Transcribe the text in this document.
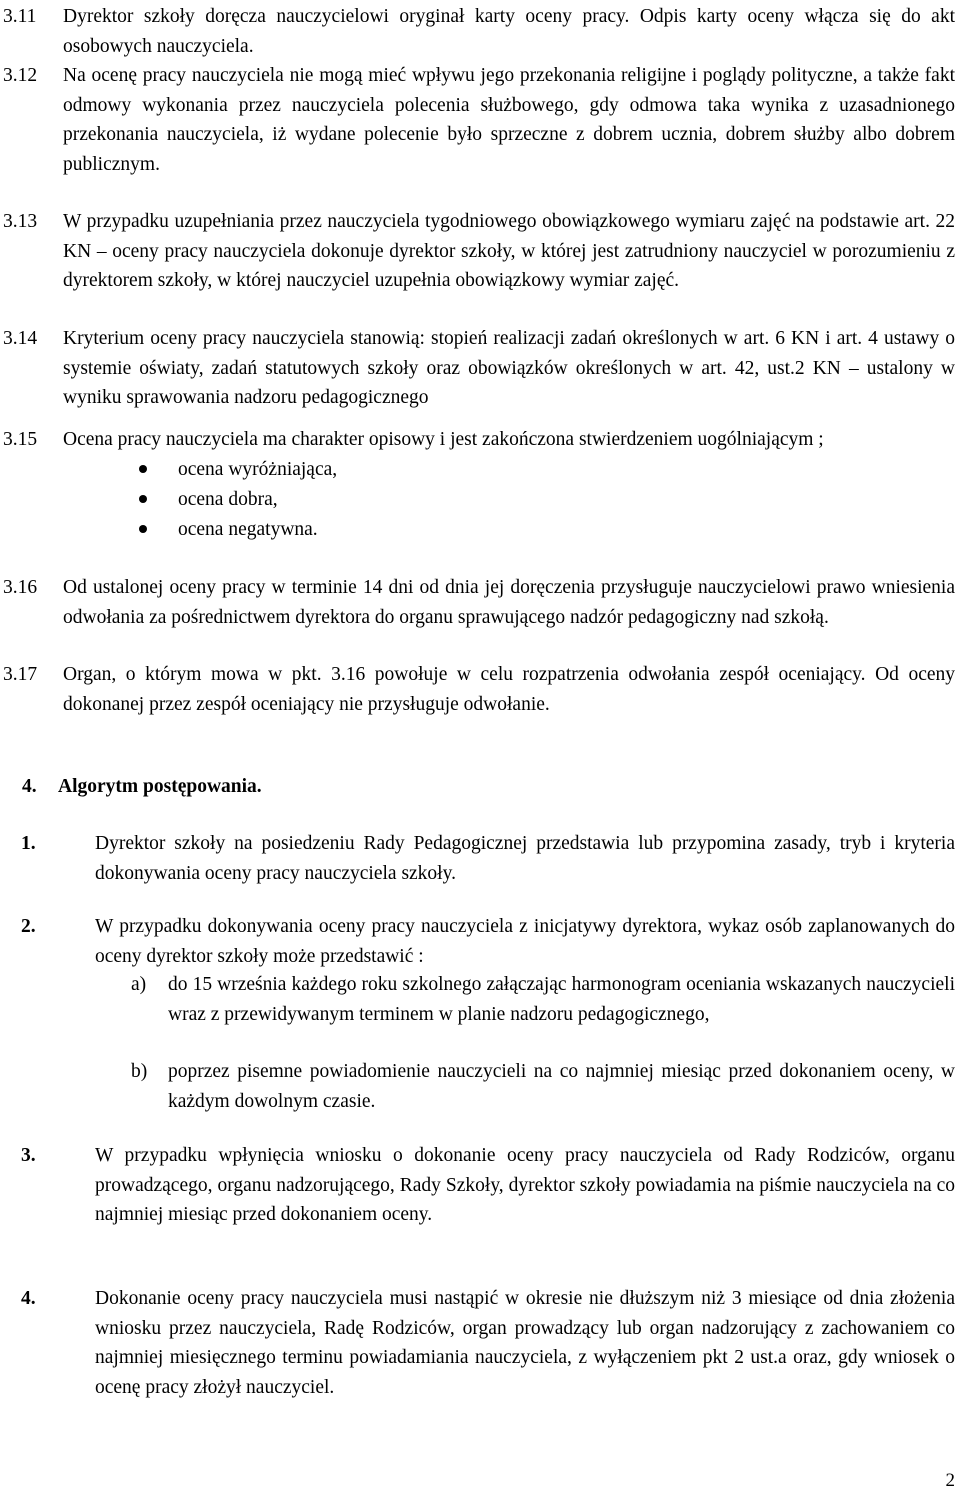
3.11	Dyrektor szkoły doręcza nauczycielowi oryginał karty oceny pracy. Odpis karty oceny włącza się do akt osobowych nauczyciela.
3.12	Na ocenę pracy nauczyciela nie mogą mieć wpływu jego przekonania religijne i poglądy polityczne, a także fakt odmowy wykonania przez nauczyciela polecenia służbowego, gdy odmowa taka wynika z uzasadnionego przekonania nauczyciela, iż wydane polecenie było sprzeczne z dobrem ucznia, dobrem służby albo dobrem publicznym.
3.13	W przypadku uzupełniania przez nauczyciela tygodniowego obowiązkowego wymiaru zajęć na podstawie art. 22 KN – oceny pracy nauczyciela dokonuje dyrektor szkoły, w której jest zatrudniony nauczyciel w porozumieniu z dyrektorem szkoły, w której nauczyciel uzupełnia obowiązkowy wymiar zajęć.
3.14	Kryterium oceny pracy nauczyciela stanowią: stopień realizacji zadań określonych w art. 6 KN i art. 4 ustawy o systemie oświaty, zadań statutowych szkoły oraz obowiązków określonych w art. 42, ust.2 KN – ustalony w wyniku sprawowania nadzoru pedagogicznego
3.15	Ocena pracy nauczyciela ma charakter opisowy i jest zakończona stwierdzeniem uogólniającym ;
ocena wyróżniająca,
ocena dobra,
ocena negatywna.
3.16	Od ustalonej oceny pracy w terminie 14 dni od dnia jej doręczenia przysługuje nauczycielowi prawo wniesienia odwołania za pośrednictwem dyrektora do organu sprawującego nadzór pedagogiczny nad szkołą.
3.17	Organ, o którym mowa w pkt. 3.16 powołuje w celu rozpatrzenia odwołania zespół oceniający. Od oceny dokonanej przez zespół oceniający nie przysługuje odwołanie.
4. Algorytm postępowania.
1.	Dyrektor szkoły na posiedzeniu Rady Pedagogicznej przedstawia lub przypomina zasady, tryb i kryteria dokonywania oceny pracy nauczyciela szkoły.
2.	W przypadku dokonywania oceny pracy nauczyciela z inicjatywy dyrektora, wykaz osób zaplanowanych do oceny dyrektor szkoły może przedstawić :
a)	do 15 września każdego roku szkolnego załączając harmonogram oceniania wskazanych nauczycieli wraz z przewidywanym terminem w planie nadzoru pedagogicznego,
b)	poprzez pisemne powiadomienie nauczycieli na co najmniej miesiąc przed dokonaniem oceny, w każdym dowolnym czasie.
3.	W przypadku wpłynięcia wniosku o dokonanie oceny pracy nauczyciela od Rady Rodziców, organu prowadzącego, organu nadzorującego, Rady Szkoły, dyrektor szkoły powiadamia na piśmie nauczyciela na co najmniej miesiąc przed dokonaniem oceny.
4.	Dokonanie oceny pracy nauczyciela musi nastąpić w okresie nie dłuższym niż 3 miesiące od dnia złożenia wniosku przez nauczyciela, Radę Rodziców, organ prowadzący lub organ nadzorujący z zachowaniem co najmniej miesięcznego terminu powiadamiania nauczyciela, z wyłączeniem pkt 2 ust.a oraz, gdy wniosek o ocenę pracy złożył nauczyciel.
2
